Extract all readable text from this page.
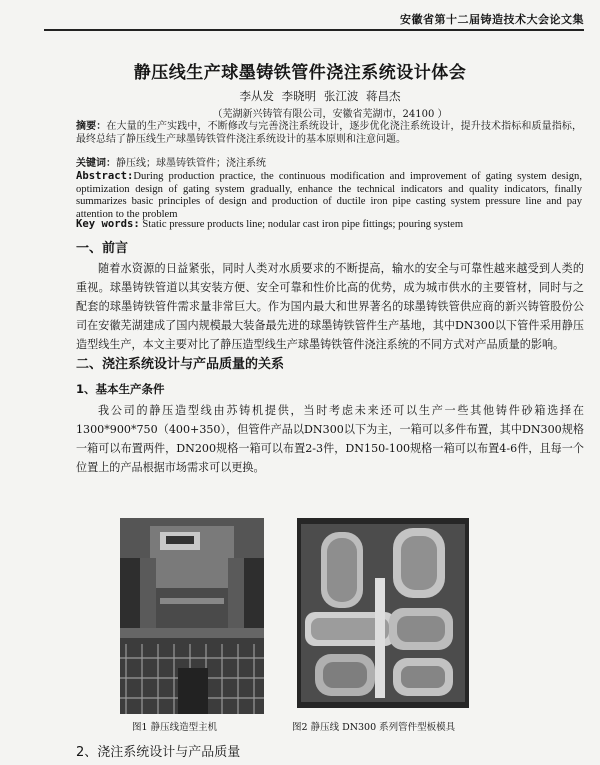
安徽省第十二届铸造技术大会论文集
静压线生产球墨铸铁管件浇注系统设计体会
李从发 李晓明 张江波 蒋昌杰
（芜湖新兴铸管有限公司，安徽省芜湖市，24100 ）
摘要：在大量的生产实践中，不断修改与完善浇注系统设计，逐步优化浇注系统设计，提升技术指标和质量指标，最终总结了静压线生产球墨铸铁管件浇注系统设计的基本原则和注意问题。
关键词：静压线；球墨铸铁管件；浇注系统
Abstract:During production practice, the continuous modification and improvement of gating system design, optimization design of gating system gradually, enhance the technical indicators and quality indicators, finally summarizes basic principles of design and production of ductile iron pipe casting system pressure line and pay attention to the problem
Key words: Static pressure products line; nodular cast iron pipe fittings; pouring system
一、前言
随着水资源的日益紧张，同时人类对水质要求的不断提高，输水的安全与可靠性越来越受到人类的重视。球墨铸铁管道以其安装方便、安全可靠和性价比高的优势，成为城市供水的主要管材，同时与之配套的球墨铸铁管件需求量非常巨大。作为国内最大和世界著名的球墨铸铁管供应商的新兴铸管股份公司在安徽芜湖建成了国内规模最大装备最先进的球墨铸铁管件生产基地，其中DN300以下管件采用静压造型线生产，本文主要对比了静压造型线生产球墨铸铁管件浇注系统的不同方式对产品质量的影响。
二、浇注系统设计与产品质量的关系
1、基本生产条件
我公司的静压造型线由苏铸机提供，当时考虑未来还可以生产一些其他铸件砂箱选择在1300*900*750（400+350），但管件产品以DN300以下为主，一箱可以多件布置，其中DN300规格一箱可以布置两件，DN200规格一箱可以布置2-3件，DN150-100规格一箱可以布置4-6件，且每一个位置上的产品根据市场需求可以更换。
图1 静压线造型主机	图2 静压线 DN300 系列管件型板模具
2、浇注系统设计与产品质量
